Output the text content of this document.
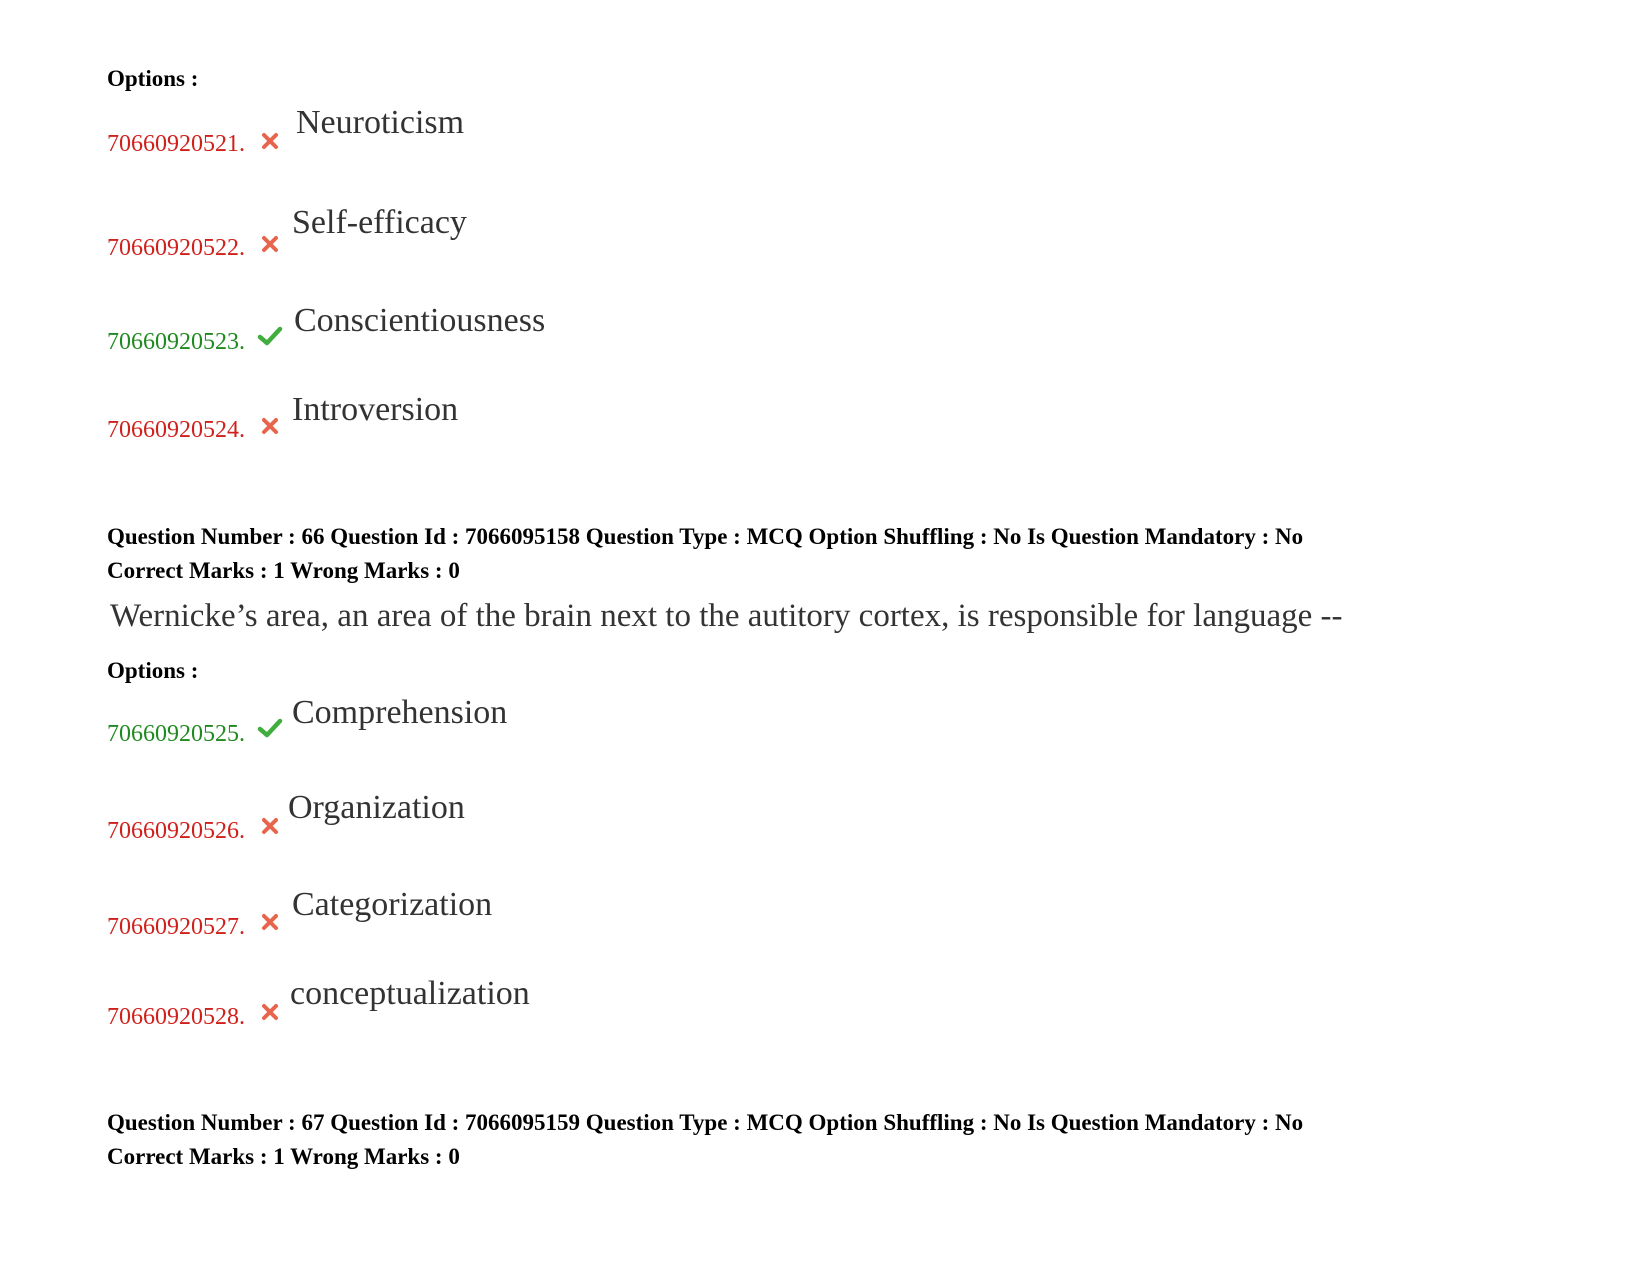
Options :
70660920521.
Neuroticism
70660920522.
Self-efficacy
70660920523.
Conscientiousness
70660920524.
Introversion
Question Number : 66 Question Id : 7066095158 Question Type : MCQ Option Shuffling : No Is Question Mandatory : No
Correct Marks : 1 Wrong Marks : 0
Wernicke’s area, an area of the brain next to the autitory cortex, is responsible for language --
Options :
70660920525.
Comprehension
70660920526.
Organization
70660920527.
Categorization
70660920528.
conceptualization
Question Number : 67 Question Id : 7066095159 Question Type : MCQ Option Shuffling : No Is Question Mandatory : No
Correct Marks : 1 Wrong Marks : 0
